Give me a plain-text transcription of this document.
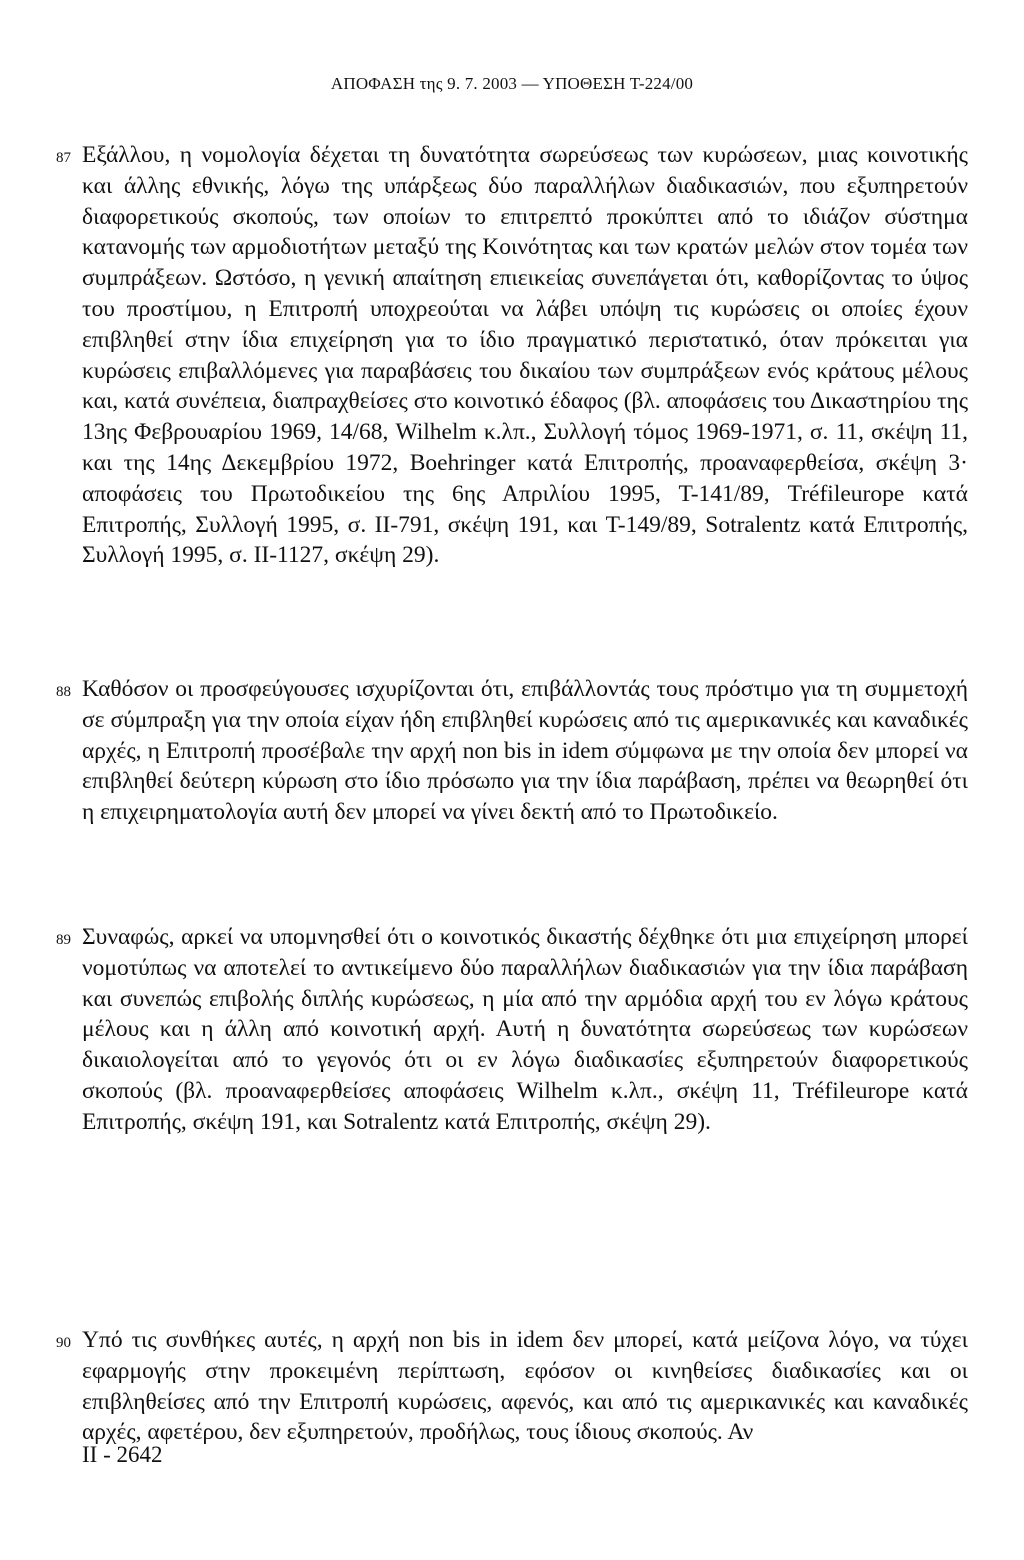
ΑΠΟΦΑΣΗ της 9. 7. 2003 — ΥΠΟΘΕΣΗ Τ-224/00
87 Εξάλλου, η νομολογία δέχεται τη δυνατότητα σωρεύσεως των κυρώσεων, μιας κοινοτικής και άλλης εθνικής, λόγω της υπάρξεως δύο παραλλήλων διαδικασιών, που εξυπηρετούν διαφορετικούς σκοπούς, των οποίων το επιτρεπτό προκύπτει από το ιδιάζον σύστημα κατανομής των αρμοδιοτήτων μεταξύ της Κοινότητας και των κρατών μελών στον τομέα των συμπράξεων. Ωστόσο, η γενική απαίτηση επιεικείας συνεπάγεται ότι, καθορίζοντας το ύψος του προστίμου, η Επιτροπή υποχρεούται να λάβει υπόψη τις κυρώσεις οι οποίες έχουν επιβληθεί στην ίδια επιχείρηση για το ίδιο πραγματικό περιστατικό, όταν πρόκειται για κυρώσεις επιβαλλόμενες για παραβάσεις του δικαίου των συμπράξεων ενός κράτους μέλους και, κατά συνέπεια, διαπραχθείσες στο κοινοτικό έδαφος (βλ. αποφάσεις του Δικαστηρίου της 13ης Φεβρουαρίου 1969, 14/68, Wilhelm κ.λπ., Συλλογή τόμος 1969-1971, σ. 11, σκέψη 11, και της 14ης Δεκεμβρίου 1972, Boehringer κατά Επιτροπής, προαναφερθείσα, σκέψη 3· αποφάσεις του Πρωτοδικείου της 6ης Απριλίου 1995, Τ-141/89, Tréfileurope κατά Επιτροπής, Συλλογή 1995, σ. II-791, σκέψη 191, και Τ-149/89, Sotralentz κατά Επιτροπής, Συλλογή 1995, σ. II-1127, σκέψη 29).
88 Καθόσον οι προσφεύγουσες ισχυρίζονται ότι, επιβάλλοντάς τους πρόστιμο για τη συμμετοχή σε σύμπραξη για την οποία είχαν ήδη επιβληθεί κυρώσεις από τις αμερικανικές και καναδικές αρχές, η Επιτροπή προσέβαλε την αρχή non bis in idem σύμφωνα με την οποία δεν μπορεί να επιβληθεί δεύτερη κύρωση στο ίδιο πρόσωπο για την ίδια παράβαση, πρέπει να θεωρηθεί ότι η επιχειρηματολογία αυτή δεν μπορεί να γίνει δεκτή από το Πρωτοδικείο.
89 Συναφώς, αρκεί να υπομνησθεί ότι ο κοινοτικός δικαστής δέχθηκε ότι μια επιχείρηση μπορεί νομοτύπως να αποτελεί το αντικείμενο δύο παραλλήλων διαδικασιών για την ίδια παράβαση και συνεπώς επιβολής διπλής κυρώσεως, η μία από την αρμόδια αρχή του εν λόγω κράτους μέλους και η άλλη από κοινοτική αρχή. Αυτή η δυνατότητα σωρεύσεως των κυρώσεων δικαιολογείται από το γεγονός ότι οι εν λόγω διαδικασίες εξυπηρετούν διαφορετικούς σκοπούς (βλ. προαναφερθείσες αποφάσεις Wilhelm κ.λπ., σκέψη 11, Tréfileurope κατά Επιτροπής, σκέψη 191, και Sotralentz κατά Επιτροπής, σκέψη 29).
90 Υπό τις συνθήκες αυτές, η αρχή non bis in idem δεν μπορεί, κατά μείζονα λόγο, να τύχει εφαρμογής στην προκειμένη περίπτωση, εφόσον οι κινηθείσες διαδικασίες και οι επιβληθείσες από την Επιτροπή κυρώσεις, αφενός, και από τις αμερικανικές και καναδικές αρχές, αφετέρου, δεν εξυπηρετούν, προδήλως, τους ίδιους σκοπούς. Αν
II - 2642
